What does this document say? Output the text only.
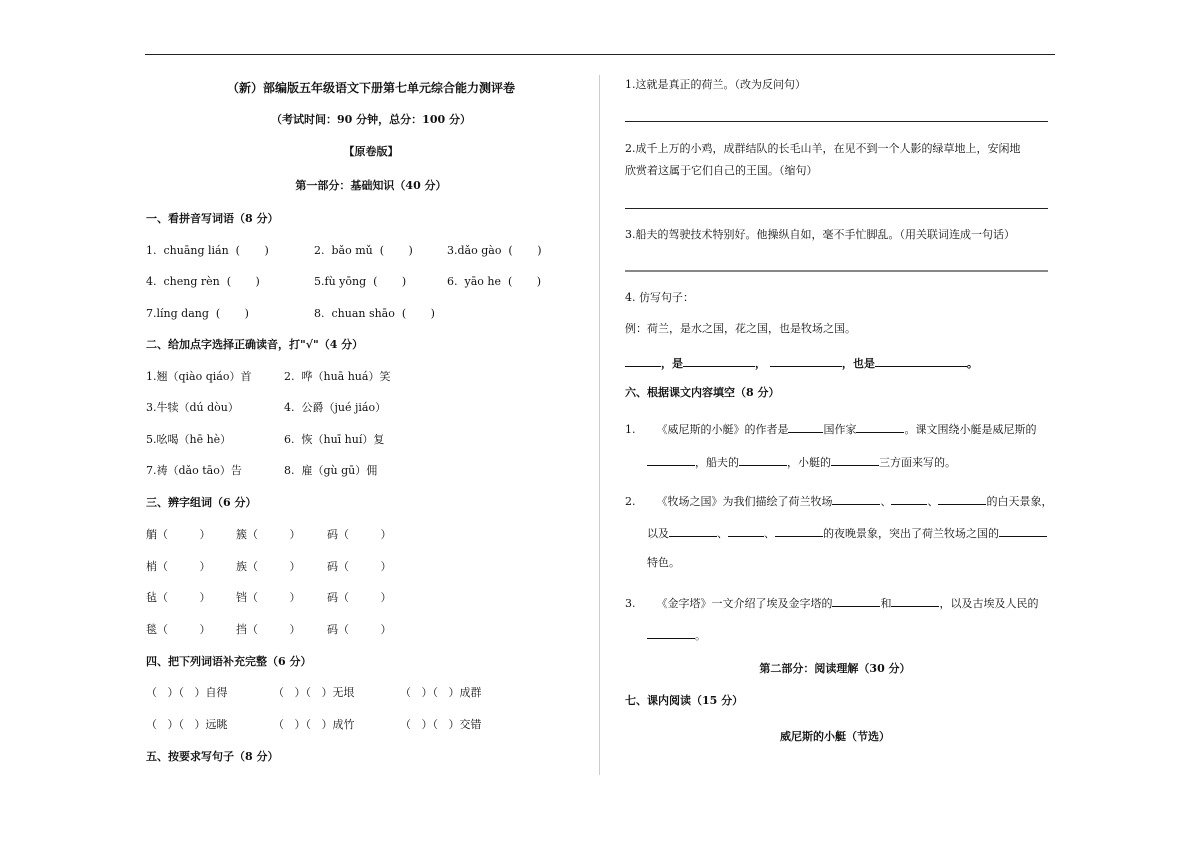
（新）部编版五年级语文下册第七单元综合能力测评卷
（考试时间：90 分钟，总分：100 分）
【原卷版】
第一部分：基础知识（40 分）
一、看拼音写词语（8 分）
1.  chuāng lián  (       )	2.  bǎo mǔ  (       )	3.dǎo gào  (       )
4.  cheng rèn  (       )	5.fù yōng  (       )	6.  yāo he  (       )
7.líng dang  (       )	8.  chuan shāo  (       )
二、给加点字选择正确读音，打"√"（4 分）
1.翘（qiào qiáo）首	2.  哗（huā huá）笑
3.牛犊（dú dòu）	4.  公爵（jué jiáo）
5.吆喝（hē hè）	6.  恢（huī huí）复
7.祷（dǎo tāo）告	8.  雇（gù gū）佣
三、辨字组词（6 分）
艄（         ） 簇（         ） 码（         ）
梢（         ） 族（         ） 码（         ）
毡（         ） 铛（         ） 码（         ）
毯（         ） 挡（         ） 码（         ）
四、把下列词语补充完整（6 分）
（   ）（   ）自得	（   ）（   ）无垠	（   ）（   ）成群
（   ）（   ）远眺	（   ）（   ）成竹	（   ）（   ）交错
五、按要求写句子（8 分）
1.这就是真正的荷兰。（改为反问句）
2.成千上万的小鸡，成群结队的长毛山羊，在见不到一个人影的绿草地上，安闲地
欣赏着这属于它们自己的王国。（缩句）
3.船夫的驾驶技术特别好。他操纵自如，毫不手忙脚乱。（用关联词连成一句话）
4. 仿写句子：
例：荷兰，是水之国，花之国，也是牧场之国。
，是	，	，也是	。
六、根据课文内容填空（8 分）
1. 《威尼斯的小艇》的作者是	国作家	。课文围绕小艇是威尼斯的
，船夫的	，小艇的	三方面来写的。
2. 《牧场之国》为我们描绘了荷兰牧场	、	、	的白天景象，
以及	、	、	的夜晚景象，突出了荷兰牧场之国的
特色。
3. 《金字塔》一文介绍了埃及金字塔的	和	，以及古埃及人民的
。
第二部分：阅读理解（30 分）
七、课内阅读（15 分）
威尼斯的小艇（节选）
